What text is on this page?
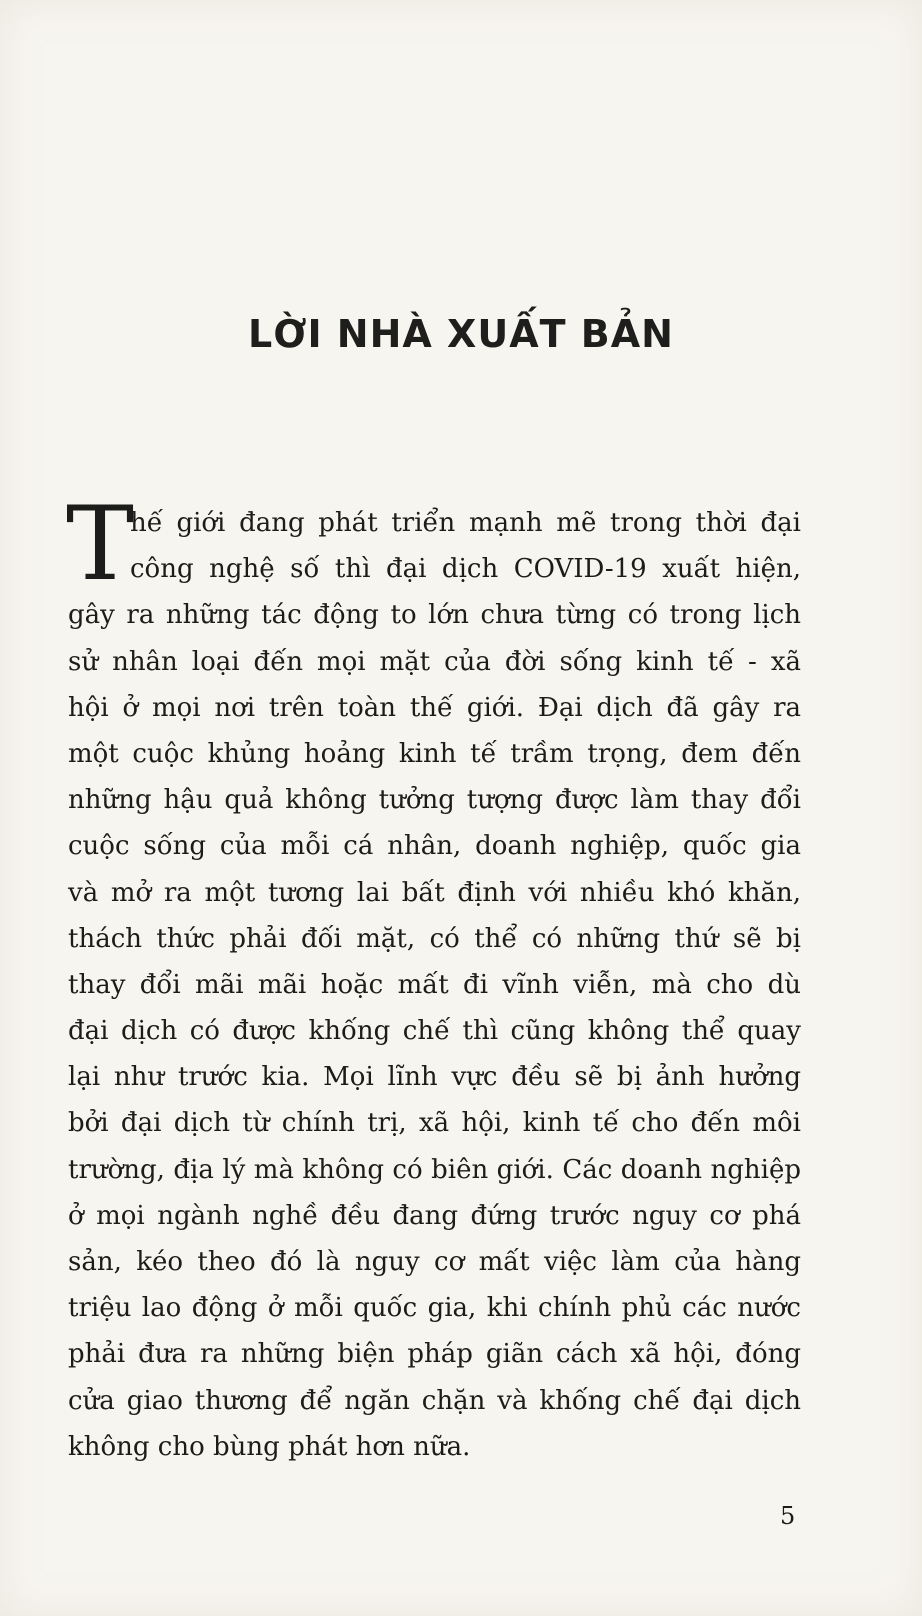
LỜI NHÀ XUẤT BẢN
T
hế giới đang phát triển mạnh mẽ trong thời đại
công nghệ số thì đại dịch COVID-19 xuất hiện,
gây ra những tác động to lớn chưa từng có trong lịch
sử nhân loại đến mọi mặt của đời sống kinh tế - xã
hội ở mọi nơi trên toàn thế giới. Đại dịch đã gây ra
một cuộc khủng hoảng kinh tế trầm trọng, đem đến
những hậu quả không tưởng tượng được làm thay đổi
cuộc sống của mỗi cá nhân, doanh nghiệp, quốc gia
và mở ra một tương lai bất định với nhiều khó khăn,
thách thức phải đối mặt, có thể có những thứ sẽ bị
thay đổi mãi mãi hoặc mất đi vĩnh viễn, mà cho dù
đại dịch có được khống chế thì cũng không thể quay
lại như trước kia. Mọi lĩnh vực đều sẽ bị ảnh hưởng
bởi đại dịch từ chính trị, xã hội, kinh tế cho đến môi
trường, địa lý mà không có biên giới. Các doanh nghiệp
ở mọi ngành nghề đều đang đứng trước nguy cơ phá
sản, kéo theo đó là nguy cơ mất việc làm của hàng
triệu lao động ở mỗi quốc gia, khi chính phủ các nước
phải đưa ra những biện pháp giãn cách xã hội, đóng
cửa giao thương để ngăn chặn và khống chế đại dịch
không cho bùng phát hơn nữa.
5
